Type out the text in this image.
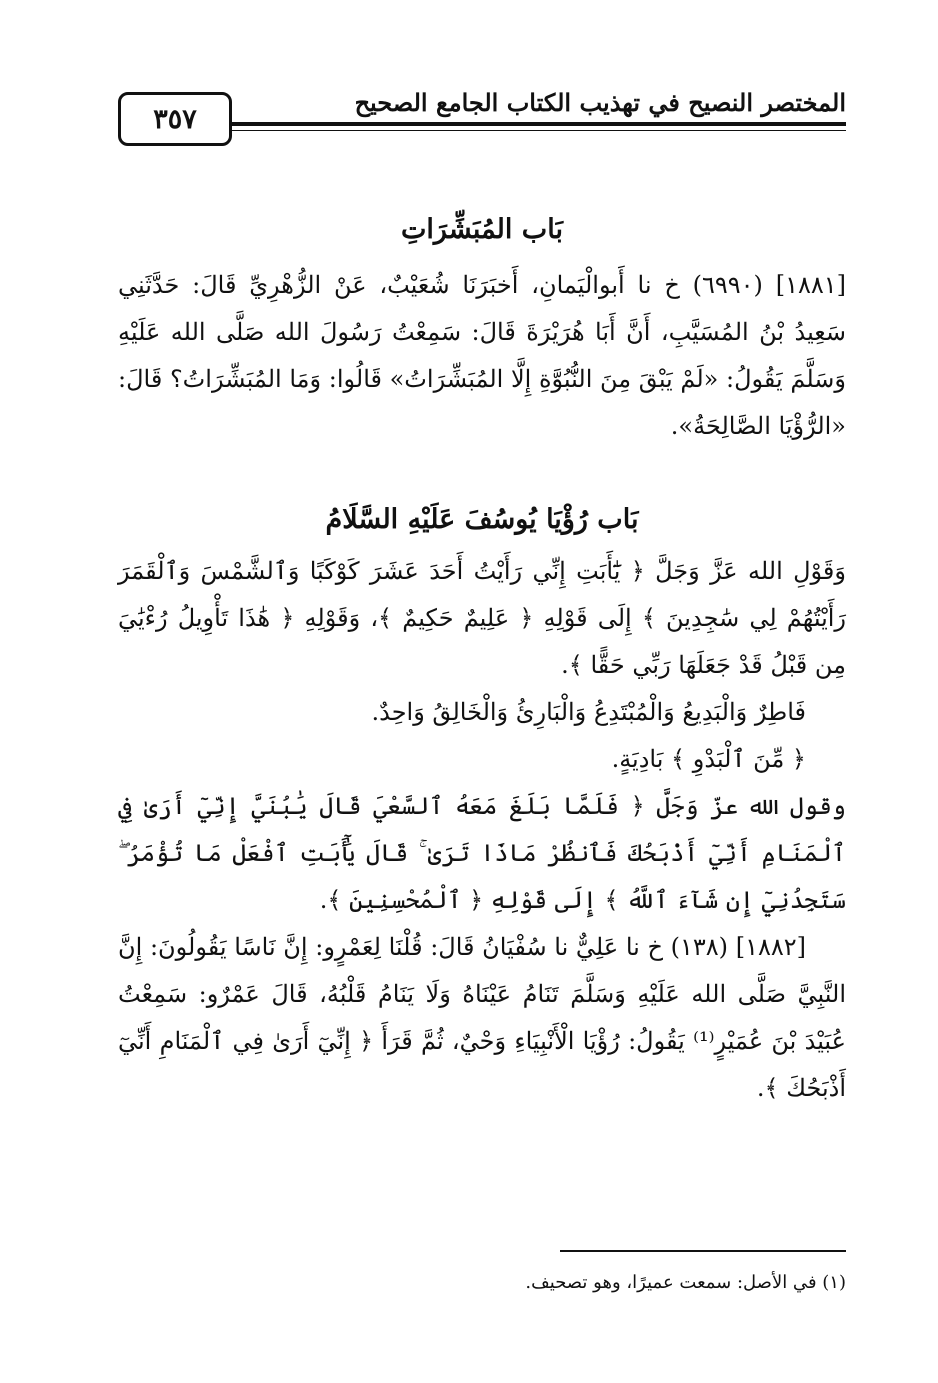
المختصر النصيح في تهذيب الكتاب الجامع الصحيح
٣٥٧
بَاب المُبَشِّرَاتِ

[١٨٨١] (٦٩٩٠) خ نا أَبوالْيَمانِ، أَخبَرَنَا شُعَيْبٌ، عَنْ الزُّهْرِيِّ قَالَ: حَدَّثَنِي سَعِيدُ بْنُ المُسَيَّبِ، أَنَّ أَبَا هُرَيْرَةَ قَالَ: سَمِعْتُ رَسُولَ الله صَلَّى الله عَلَيْهِ وَسَلَّمَ يَقُولُ: «لَمْ يَبْقَ مِنَ النُّبُوَّةِ إِلَّا المُبَشِّرَاتُ» قَالُوا: وَمَا المُبَشِّرَاتُ؟ قَالَ: «الرُّؤْيَا الصَّالِحَةُ».

بَاب رُؤْيَا يُوسُفَ عَلَيْهِ السَّلَامُ

وَقَوْلِ الله عَزَّ وَجَلَّ ﴿ يَٰٓأَبَتِ إِنِّي رَأَيْتُ أَحَدَ عَشَرَ كَوْكَبًا وَٱلشَّمْسَ وَٱلْقَمَرَ رَأَيْتُهُمْ لِي سَٰجِدِينَ ﴾ إِلَى قَوْلِهِ ﴿ عَلِيمٌ حَكِيمٌ ﴾، وَقَوْلِهِ ﴿ هَٰذَا تَأْوِيلُ رُءْيَٰيَ مِن قَبْلُ قَدْ جَعَلَهَا رَبِّي حَقًّا ﴾.

فَاطِرٌ وَالْبَدِيعُ وَالْمُبْتَدِعُ وَالْبَارِئُ وَالْخَالِقُ وَاحِدٌ.

﴿ مِّنَ ٱلْبَدْوِ ﴾ بَادِيَةٍ.

وقول الله عزّ وَجَلَّ ﴿ فَلَمَّا بَلَغَ مَعَهُ ٱلسَّعْيَ قَالَ يَٰبُنَيَّ إِنِّيٓ أَرَىٰ فِي ٱلْمَنَامِ أَنِّيٓ أَذْبَحُكَ فَٱنظُرْ مَاذَا تَرَىٰ ۚ قَالَ يَٰٓأَبَتِ ٱفْعَلْ مَا تُؤْمَرُ ۖ سَتَجِدُنِيٓ إِن شَآءَ ٱللَّهُ ﴾ إِلَى قَوْلِهِ ﴿ ٱلْمُحْسِنِينَ ﴾.

[١٨٨٢] (١٣٨) خ نا عَلِيٌّ نا سُفْيَانُ قَالَ: قُلْنَا لِعَمْرٍو: إِنَّ نَاسًا يَقُولُونَ: إِنَّ النَّبِيَّ صَلَّى الله عَلَيْهِ وَسَلَّمَ تَنَامُ عَيْنَاهُ وَلَا يَنَامُ قَلْبُهُ، قَالَ عَمْرٌو: سَمِعْتُ عُبَيْدَ بْنَ عُمَيْرٍ⁽¹⁾ يَقُولُ: رُؤْيَا الْأَنْبِيَاءِ وَحْيٌ، ثُمَّ قَرَأَ ﴿ إِنِّيٓ أَرَىٰ فِي ٱلْمَنَامِ أَنِّيٓ أَذْبَحُكَ ﴾.

(١) في الأصل: سمعت عميرًا، وهو تصحيف.
